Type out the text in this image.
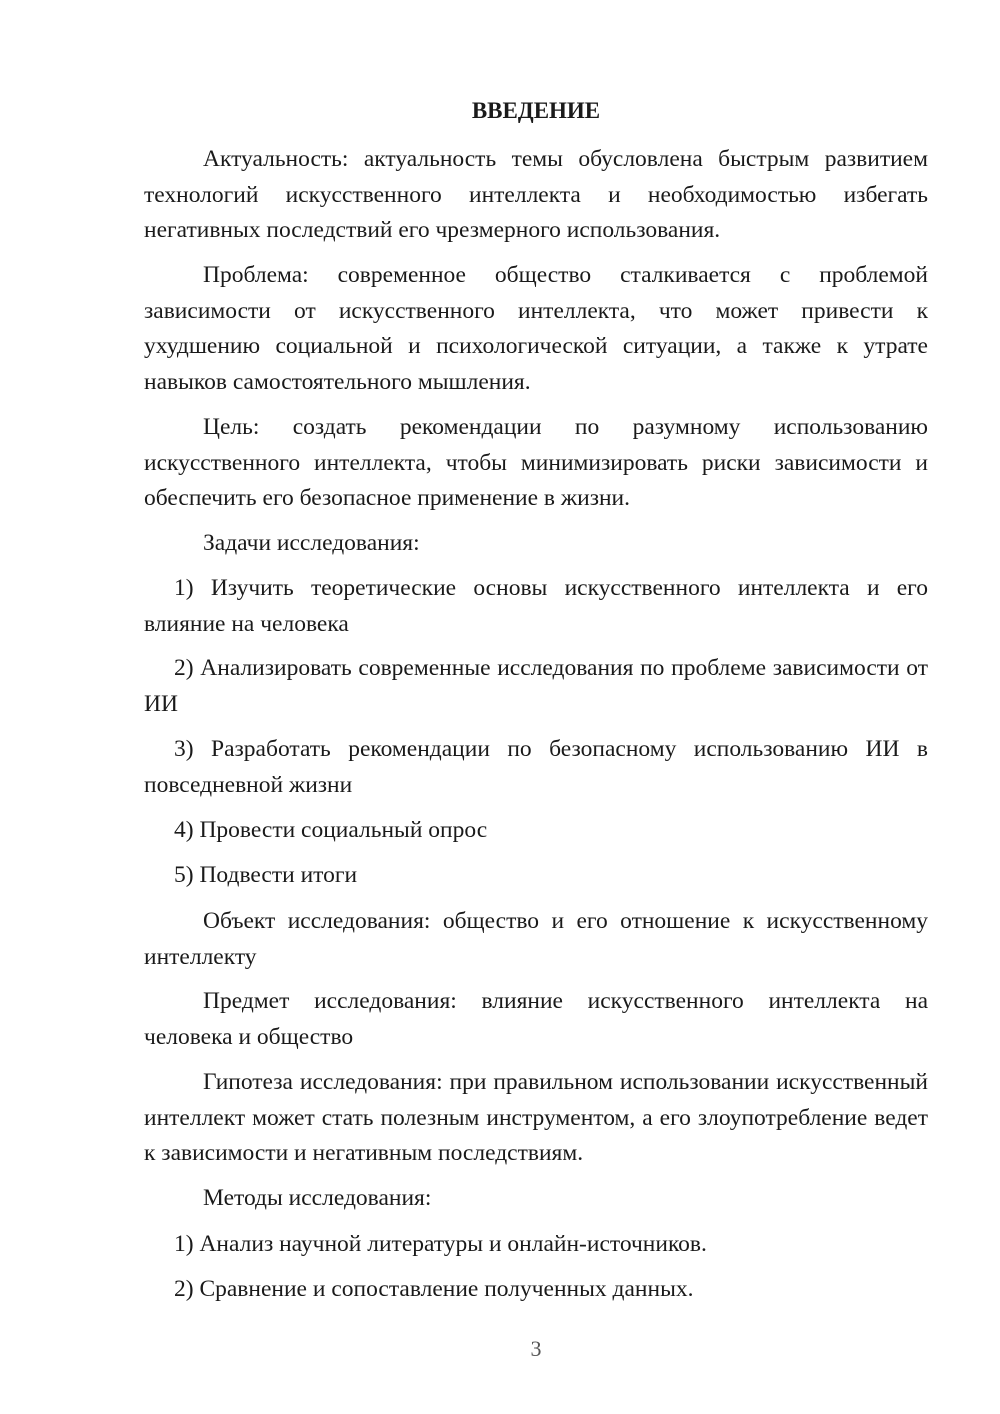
ВВЕДЕНИЕ

Актуальность: актуальность темы обусловлена быстрым развитием технологий искусственного интеллекта и необходимостью избегать негативных последствий его чрезмерного использования.

Проблема: современное общество сталкивается с проблемой зависимости от искусственного интеллекта, что может привести к ухудшению социальной и психологической ситуации, а также к утрате навыков самостоятельного мышления.

Цель: создать рекомендации по разумному использованию искусственного интеллекта, чтобы минимизировать риски зависимости и обеспечить его безопасное применение в жизни.

Задачи исследования:

1) Изучить теоретические основы искусственного интеллекта и его влияние на человека

2) Анализировать современные исследования по проблеме зависимости от ИИ

3) Разработать рекомендации по безопасному использованию ИИ в повседневной жизни

4) Провести социальный опрос

5) Подвести итоги

Объект исследования: общество и его отношение к искусственному интеллекту

Предмет исследования: влияние искусственного интеллекта на человека и общество

Гипотеза исследования: при правильном использовании искусственный интеллект может стать полезным инструментом, а его злоупотребление ведет к зависимости и негативным последствиям.

Методы исследования:

1) Анализ научной литературы и онлайн-источников.

2) Сравнение и сопоставление полученных данных.

3
